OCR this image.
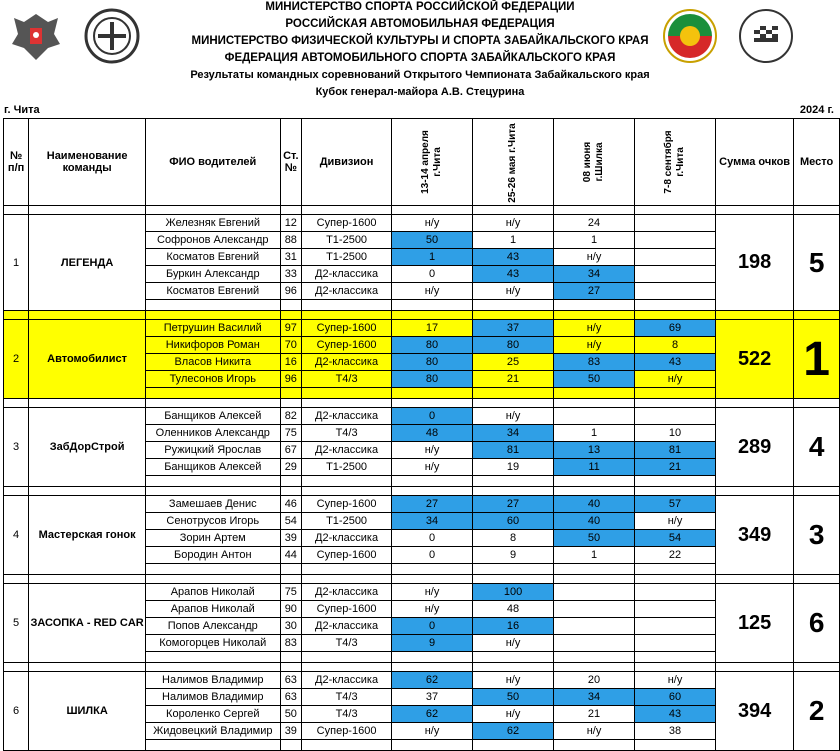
МИНИСТЕРСТВО СПОРТА РОССИЙСКОЙ ФЕДЕРАЦИИ
РОССИЙСКАЯ АВТОМОБИЛЬНАЯ ФЕДЕРАЦИЯ
МИНИСТЕРСТВО ФИЗИЧЕСКОЙ КУЛЬТУРЫ И СПОРТА ЗАБАЙКАЛЬСКОГО КРАЯ
ФЕДЕРАЦИЯ АВТОМОБИЛЬНОГО СПОРТА ЗАБАЙКАЛЬСКОГО КРАЯ
Результаты командных соревнований Открытого Чемпионата Забайкальского края
Кубок генерал-майора А.В. Стецурина
г. Чита	2024 г.
№ п/п	Наименование команды	ФИО водителей	Ст. №	Дивизион	13-14 апреля г.Чита	25-26 мая г.Чита	08 июня г.Шилка	7-8 сентября г.Чита	Сумма очков	Место

1	ЛЕГЕНДА	Железняк Евгений	12	Супер-1600	н/у	н/у	24		198	5
		Софронов Александр	88	Т1-2500	50	1	1			
		Косматов Евгений	31	Т1-2500	1	43	н/у			
		Буркин Александр	33	Д2-классика	0	43	34			
		Косматов Евгений	96	Д2-классика	н/у	н/у	27			

2	Автомобилист	Петрушин Василий	97	Супер-1600	17	37	н/у	69	522	1
		Никифоров Роман	70	Супер-1600	80	80	н/у	8		
		Власов Никита	16	Д2-классика	80	25	83	43		
		Тулесонов Игорь	96	Т4/3	80	21	50	н/у		

3	ЗабДорСтрой	Банщиков Алексей	82	Д2-классика	0	н/у			289	4
		Оленников Александр	75	Т4/3	48	34	1	10		
		Ружицкий Ярослав	67	Д2-классика	н/у	81	13	81		
		Банщиков Алексей	29	Т1-2500	н/у	19	11	21		

4	Мастерская гонок	Замешаев Денис	46	Супер-1600	27	27	40	57	349	3
		Сенотрусов Игорь	54	Т1-2500	34	60	40	н/у		
		Зорин Артем	39	Д2-классика	0	8	50	54		
		Бородин Антон	44	Супер-1600	0	9	1	22		

5	ЗАСОПКА - RED CAR	Арапов Николай	75	Д2-классика	н/у	100			125	6
		Арапов Николай	90	Супер-1600	н/у	48				
		Попов Александр	30	Д2-классика	0	16				
		Комогорцев Николай	83	Т4/3	9	н/у				

6	ШИЛКА	Налимов Владимир	63	Д2-классика	62	н/у	20	н/у	394	2
		Налимов Владимир	63	Т4/3	37	50	34	60		
		Короленко Сергей	50	Т4/3	62	н/у	21	43		
		Жидовецкий Владимир	39	Супер-1600	н/у	62	н/у	38		
